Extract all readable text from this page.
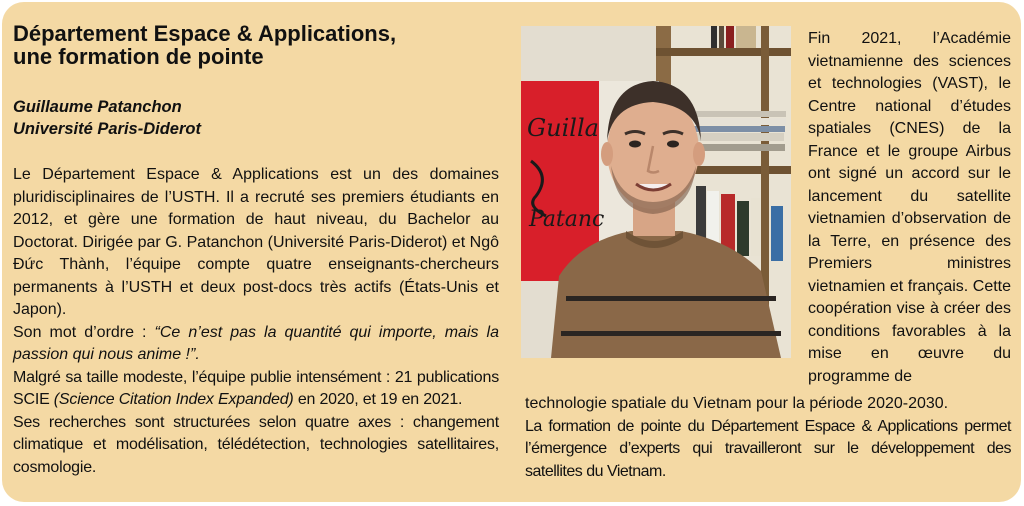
Département Espace & Applications,
une formation de pointe
Guillaume Patanchon
Université Paris-Diderot

Le Département Espace & Applications est un des domaines pluridisciplinaires de l’USTH. Il a recruté ses premiers étudiants en 2012, et gère une formation de haut niveau, du Bachelor au Doctorat. Dirigée par G. Patanchon (Université Paris-Diderot) et Ngô Đức Thành, l’équipe compte quatre enseignants-chercheurs permanents à l’USTH et deux post-docs très actifs (États-Unis et Japon).

Son mot d’ordre : “Ce n’est pas la quantité qui importe, mais la passion qui nous anime !”.

Malgré sa taille modeste, l’équipe publie intensément : 21 publications SCIE (Science Citation Index Expanded) en 2020, et 19 en 2021.

Ses recherches sont structurées selon quatre axes : changement climatique et modélisation, télédétection, technologies satellitaires, cosmologie.

Guilla
Patanc

Fin 2021, l’Académie vietnamienne des sciences et technologies (VAST), le Centre national d’études spatiales (CNES) de la France et le groupe Airbus ont signé un accord sur le lancement du satellite vietnamien d’observation de la Terre, en présence des Premiers ministres vietnamien et français. Cette coopération vise à créer des conditions favorables à la mise en œuvre du programme de

technologie spatiale du Vietnam pour la période 2020-2030.

La formation de pointe du Département Espace & Applications permet l’émergence d’experts qui travailleront sur le développement des satellites du Vietnam.
